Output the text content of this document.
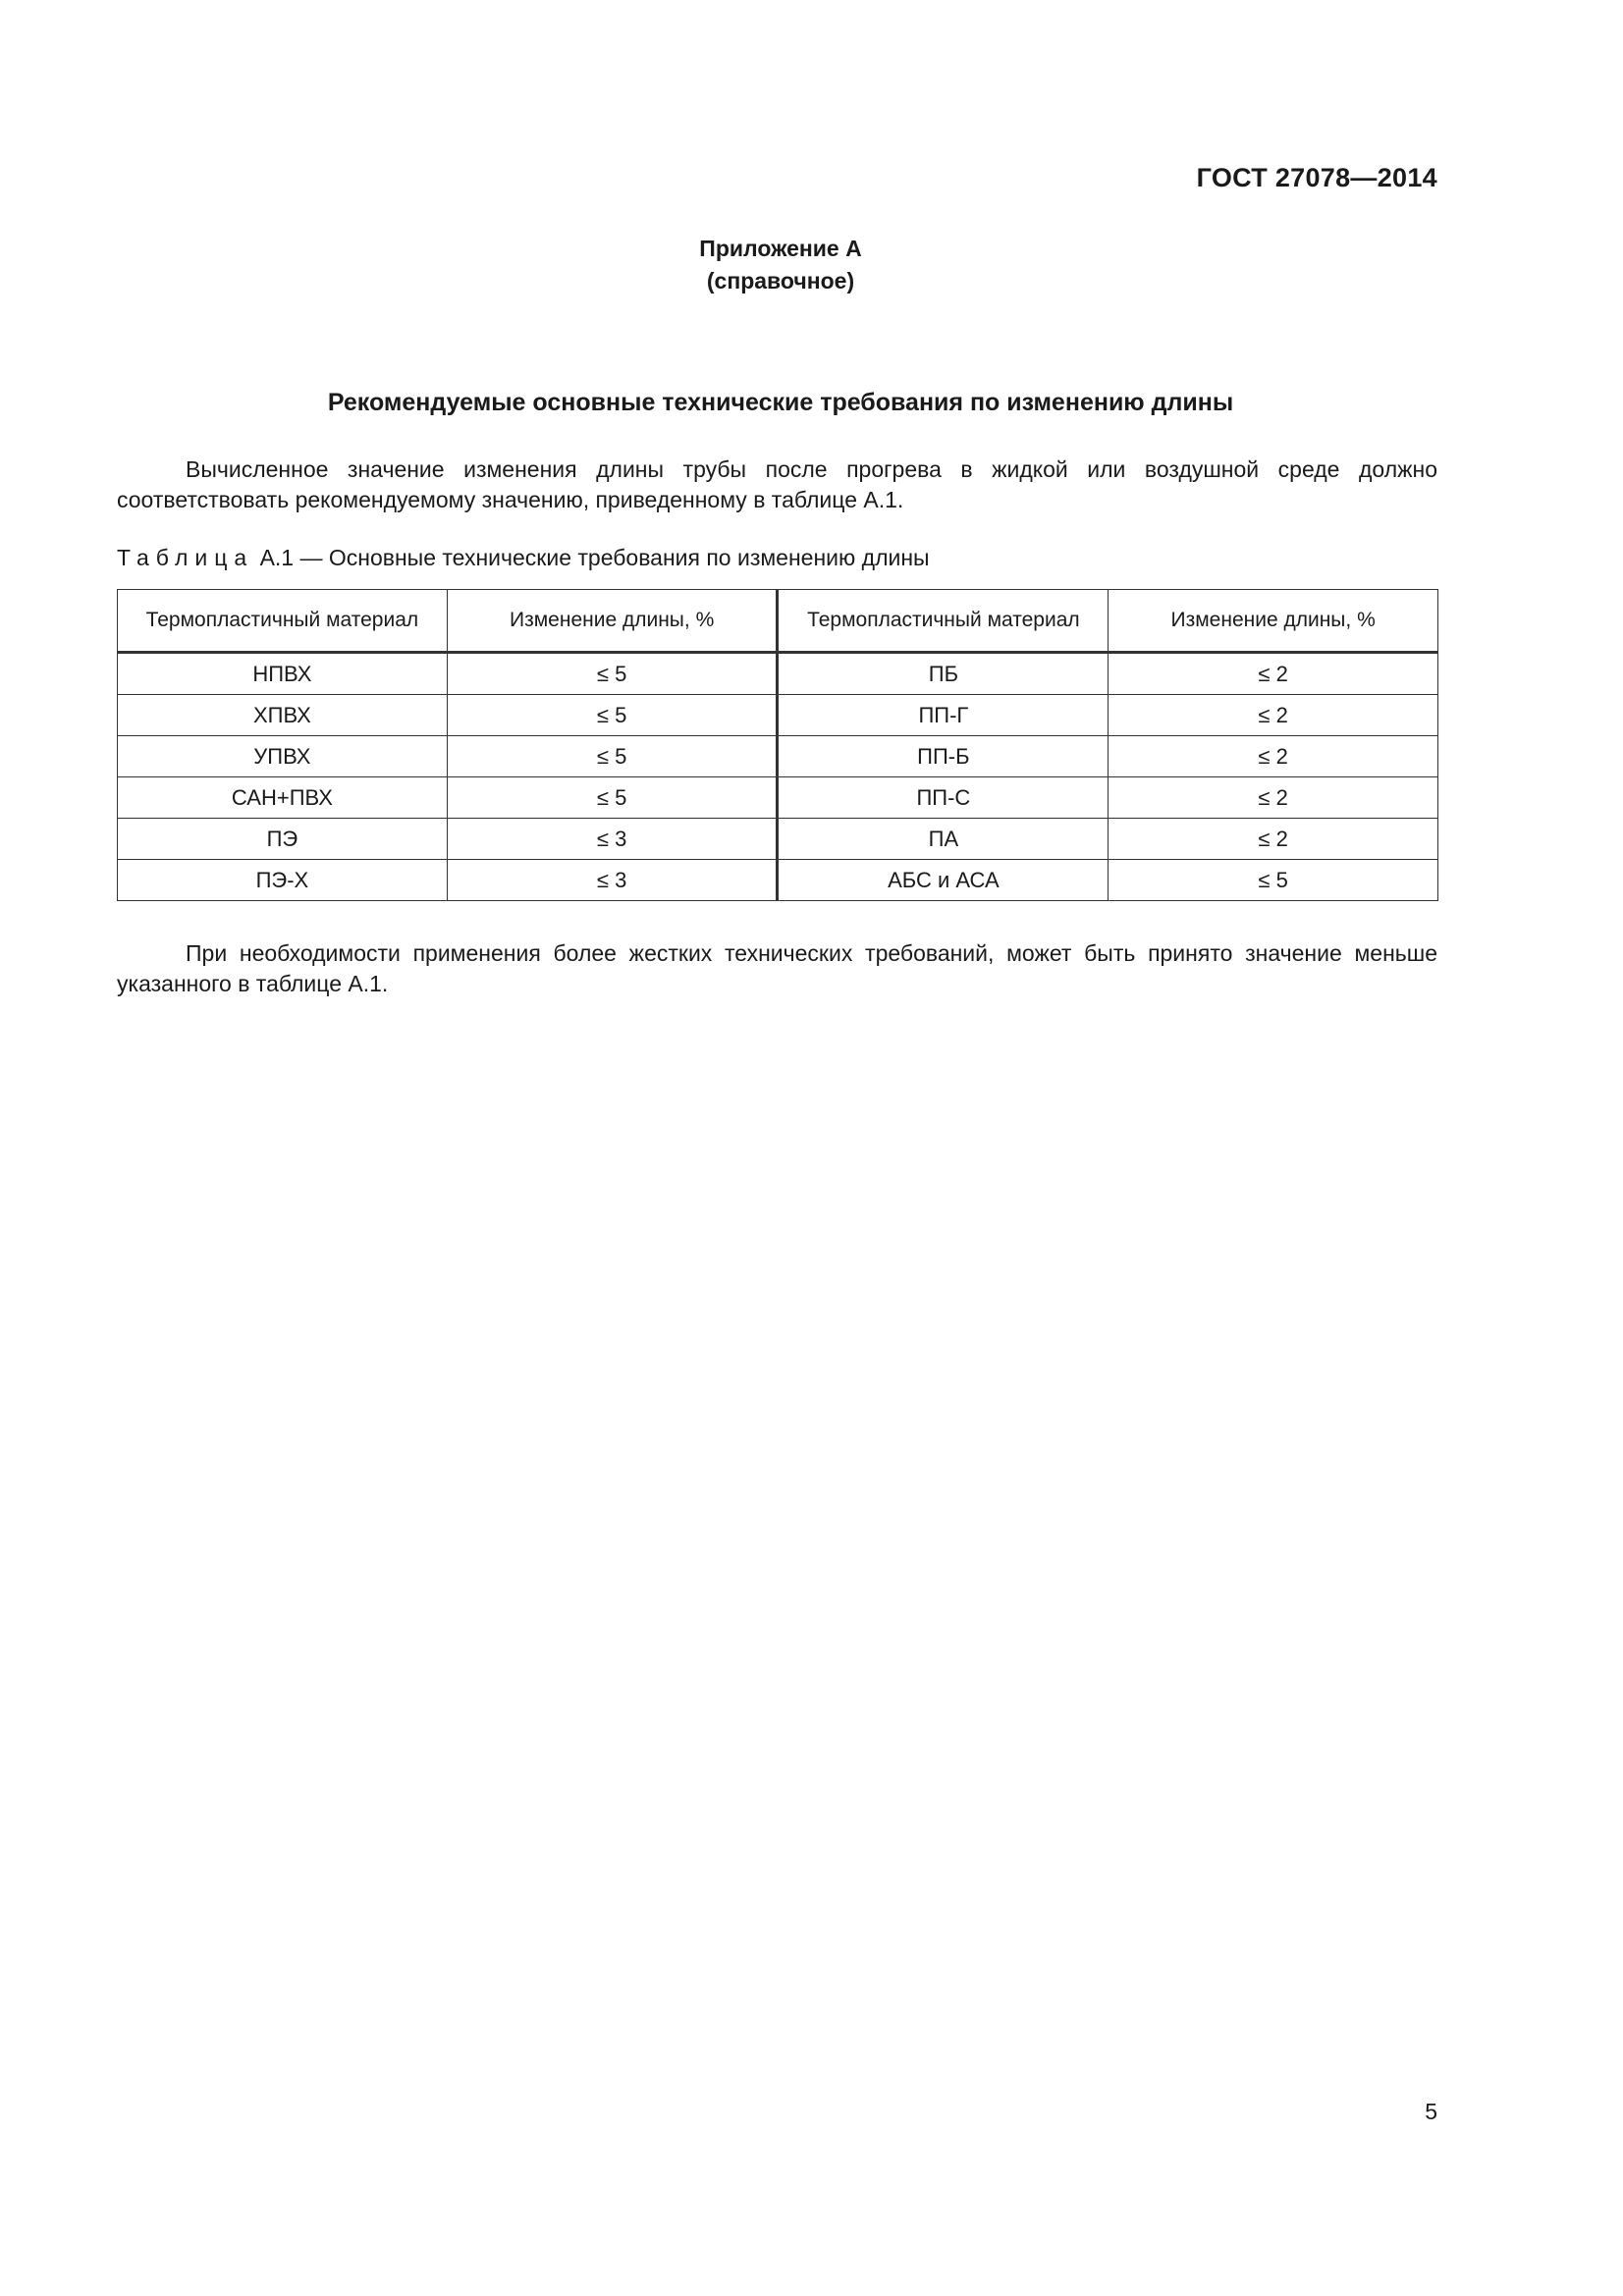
ГОСТ 27078—2014
Приложение А
(справочное)
Рекомендуемые основные технические требования по изменению длины

Вычисленное значение изменения длины трубы после прогрева в жидкой или воздушной среде должно соответствовать рекомендуемому значению, приведенному в таблице А.1.

Таблица А.1 — Основные технические требования по изменению длины
Термопластичный материал	Изменение длины, %	Термопластичный материал	Изменение длины, %
НПВХ	≤ 5	ПБ	≤ 2
ХПВХ	≤ 5	ПП-Г	≤ 2
УПВХ	≤ 5	ПП-Б	≤ 2
САН+ПВХ	≤ 5	ПП-С	≤ 2
ПЭ	≤ 3	ПА	≤ 2
ПЭ-Х	≤ 3	АБС и АСА	≤ 5

При необходимости применения более жестких технических требований, может быть принято значение меньше указанного в таблице А.1.

5
